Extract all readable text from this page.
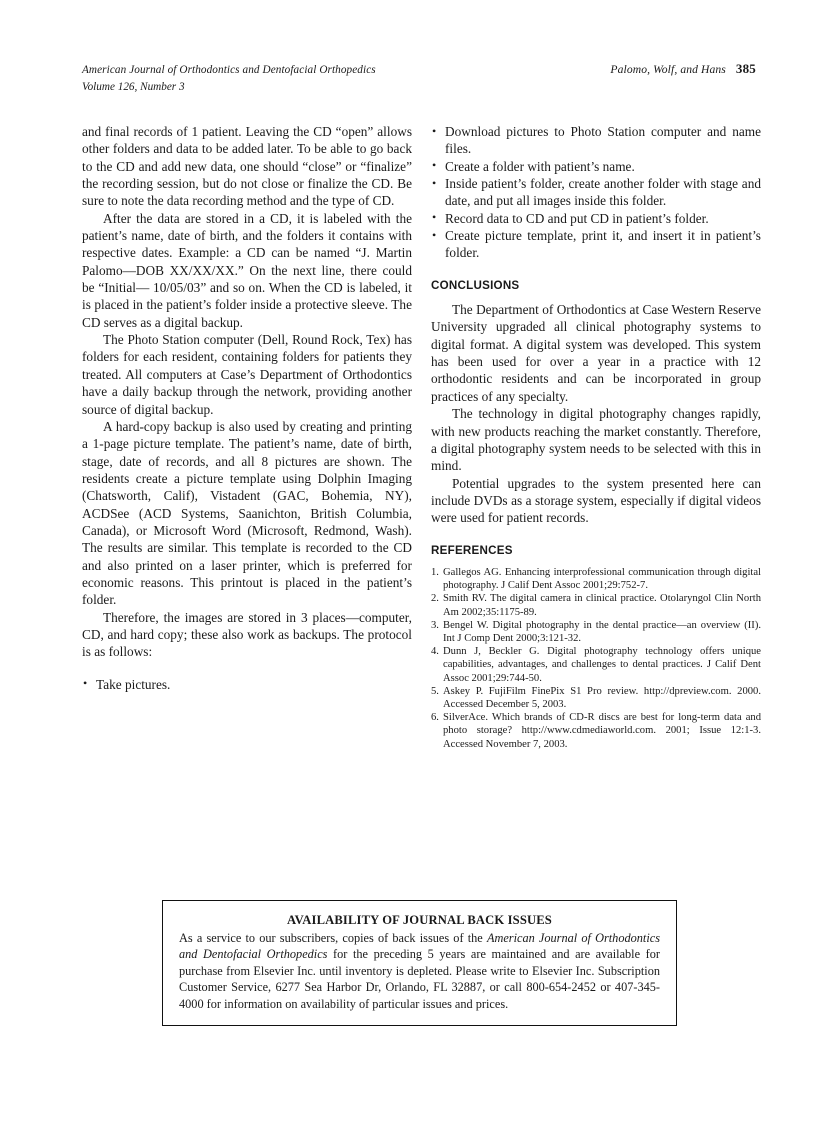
American Journal of Orthodontics and Dentofacial Orthopedics	Palomo, Wolf, and Hans 385
Volume 126, Number 3

and final records of 1 patient. Leaving the CD “open” allows other folders and data to be added later. To be able to go back to the CD and add new data, one should “close” or “finalize” the recording session, but do not close or finalize the CD. Be sure to note the data recording method and the type of CD.

After the data are stored in a CD, it is labeled with the patient’s name, date of birth, and the folders it contains with respective dates. Example: a CD can be named “J. Martin Palomo—DOB XX/XX/XX.” On the next line, there could be “Initial— 10/05/03” and so on. When the CD is labeled, it is placed in the patient’s folder inside a protective sleeve. The CD serves as a digital backup.

The Photo Station computer (Dell, Round Rock, Tex) has folders for each resident, containing folders for patients they treated. All computers at Case’s Department of Orthodontics have a daily backup through the network, providing another source of digital backup.

A hard-copy backup is also used by creating and printing a 1-page picture template. The patient’s name, date of birth, stage, date of records, and all 8 pictures are shown. The residents create a picture template using Dolphin Imaging (Chatsworth, Calif), Vistadent (GAC, Bohemia, NY), ACDSee (ACD Systems, Saanichton, British Columbia, Canada), or Microsoft Word (Microsoft, Redmond, Wash). The results are similar. This template is recorded to the CD and also printed on a laser printer, which is preferred for economic reasons. This printout is placed in the patient’s folder.

Therefore, the images are stored in 3 places—computer, CD, and hard copy; these also work as backups. The protocol is as follows:

• Take pictures.
• Download pictures to Photo Station computer and name files.
• Create a folder with patient’s name.
• Inside patient’s folder, create another folder with stage and date, and put all images inside this folder.
• Record data to CD and put CD in patient’s folder.
• Create picture template, print it, and insert it in patient’s folder.
CONCLUSIONS

The Department of Orthodontics at Case Western Reserve University upgraded all clinical photography systems to digital format. A digital system was developed. This system has been used for over a year in a practice with 12 orthodontic residents and can be incorporated in group practices of any specialty.

The technology in digital photography changes rapidly, with new products reaching the market constantly. Therefore, a digital photography system needs to be selected with this in mind.

Potential upgrades to the system presented here can include DVDs as a storage system, especially if digital videos were used for patient records.

REFERENCES
1. Gallegos AG. Enhancing interprofessional communication through digital photography. J Calif Dent Assoc 2001;29:752-7.
2. Smith RV. The digital camera in clinical practice. Otolaryngol Clin North Am 2002;35:1175-89.
3. Bengel W. Digital photography in the dental practice—an overview (II). Int J Comp Dent 2000;3:121-32.
4. Dunn J, Beckler G. Digital photography technology offers unique capabilities, advantages, and challenges to dental practices. J Calif Dent Assoc 2001;29:744-50.
5. Askey P. FujiFilm FinePix S1 Pro review. http://dpreview.com. 2000. Accessed December 5, 2003.
6. SilverAce. Which brands of CD-R discs are best for long-term data and photo storage? http://www.cdmediaworld.com. 2001; Issue 12:1-3. Accessed November 7, 2003.
AVAILABILITY OF JOURNAL BACK ISSUES
As a service to our subscribers, copies of back issues of the American Journal of Orthodontics and Dentofacial Orthopedics for the preceding 5 years are maintained and are available for purchase from Elsevier Inc. until inventory is depleted. Please write to Elsevier Inc. Subscription Customer Service, 6277 Sea Harbor Dr, Orlando, FL 32887, or call 800-654-2452 or 407-345-4000 for information on availability of particular issues and prices.
